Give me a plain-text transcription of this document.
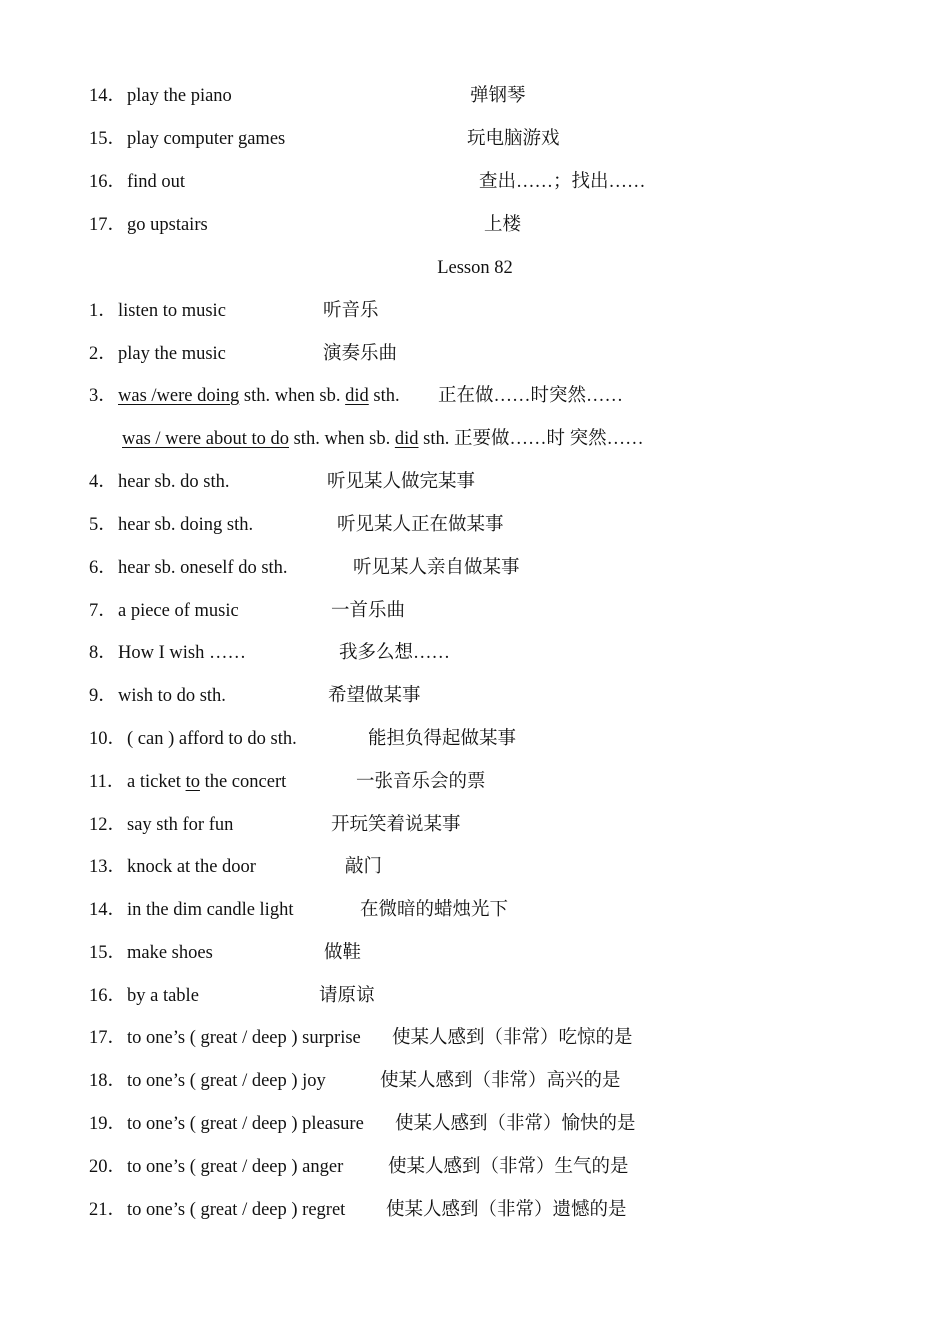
14． play the piano	弹钢琴
15． play computer games	玩电脑游戏
16． find out	查出……；找出……
17． go upstairs	上楼
Lesson 82
1． listen to music	听音乐
2． play the music	演奏乐曲
3． was /were doing sth. when sb. did sth. 正在做……时突然……
was / were about to do sth. when sb. did sth. 正要做……时 突然……
4． hear sb. do sth.	听见某人做完某事
5． hear sb. doing sth.	听见某人正在做某事
6． hear sb. oneself do sth.	听见某人亲自做某事
7． a piece of music	一首乐曲
8． How I wish ……	我多么想……
9． wish to do sth.	希望做某事
10． ( can ) afford to do sth.	能担负得起做某事
11． a ticket to the concert	一张音乐会的票
12． say sth for fun	开玩笑着说某事
13． knock at the door	敲门
14． in the dim candle light	在微暗的蜡烛光下
15． make shoes	做鞋
16． by a table	请原谅
17． to one’s ( great / deep ) surprise 使某人感到（非常）吃惊的是
18． to one’s ( great / deep ) joy	使某人感到（非常）高兴的是
19． to one’s ( great / deep ) pleasure 使某人感到（非常）愉快的是
20． to one’s ( great / deep ) anger 使某人感到（非常）生气的是
21． to one’s ( great / deep ) regret 使某人感到（非常）遗憾的是
